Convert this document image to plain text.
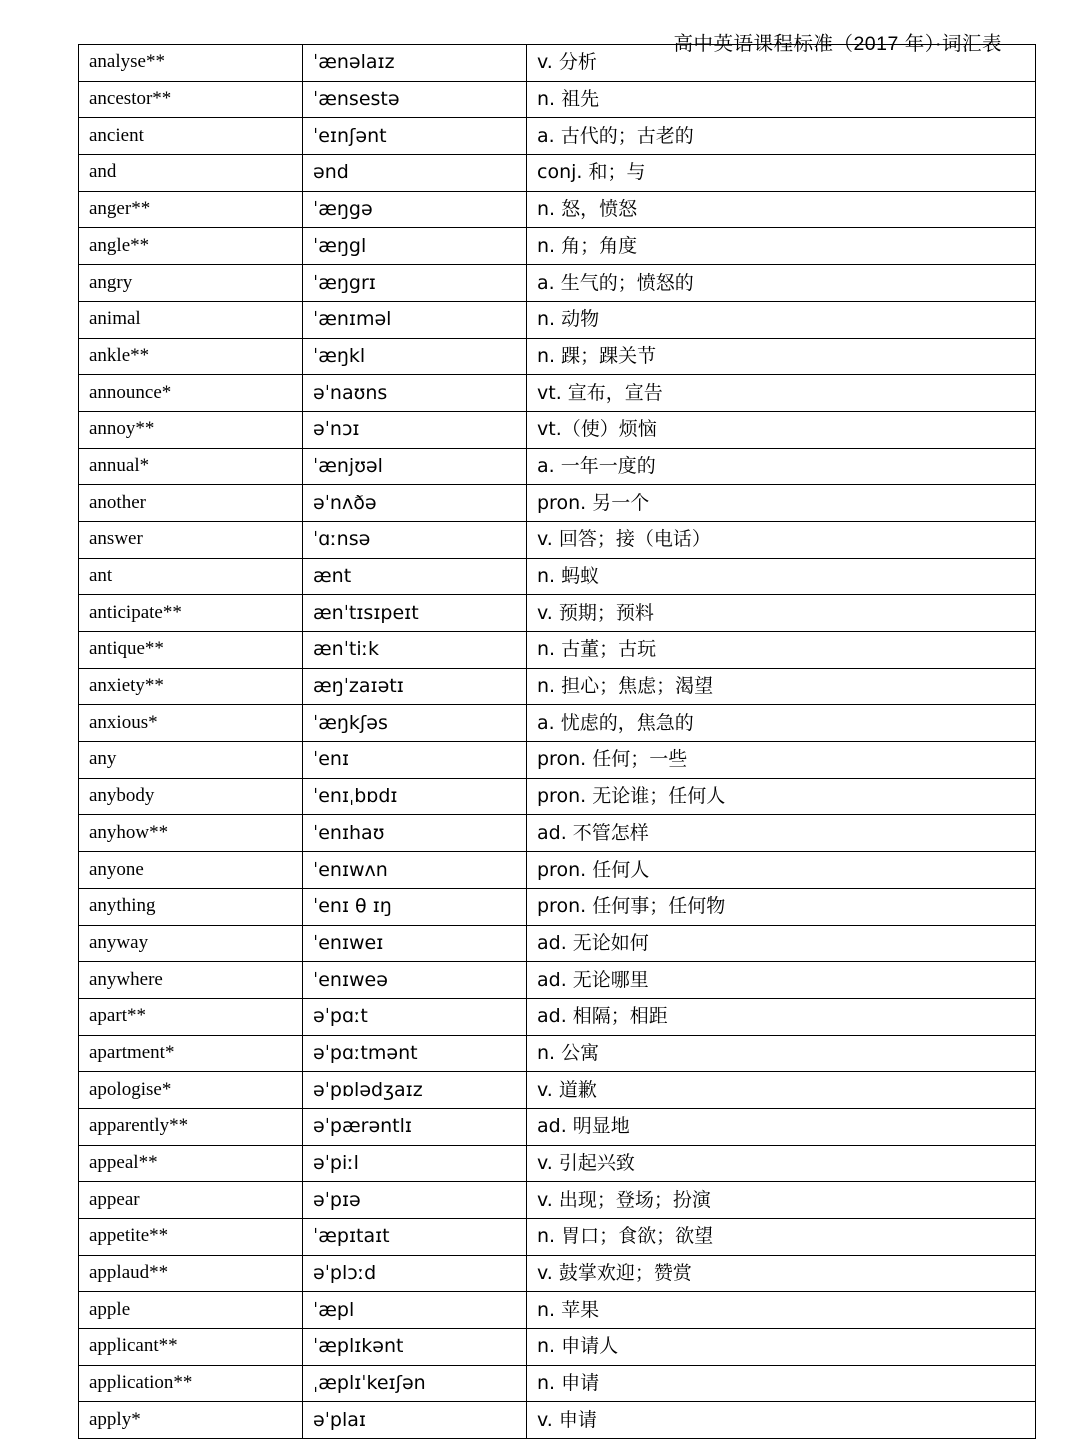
高中英语课程标准（2017 年）·词汇表
analyse**	ˈænəlaɪz	v. 分析
ancestor**	ˈænsestə	n. 祖先
ancient	ˈeɪnʃənt	a. 古代的；古老的
and	ənd	conj. 和；与
anger**	ˈæŋgə	n. 怒，愤怒
angle**	ˈæŋgl	n. 角；角度
angry	ˈæŋgrɪ	a. 生气的；愤怒的
animal	ˈænɪməl	n. 动物
ankle**	ˈæŋkl	n. 踝；踝关节
announce*	əˈnaʊns	vt. 宣布，宣告
annoy**	əˈnɔɪ	vt.（使）烦恼
annual*	ˈænjʊəl	a. 一年一度的
another	əˈnʌðə	pron. 另一个
answer	ˈɑːnsə	v. 回答；接（电话）
ant	ænt	n. 蚂蚁
anticipate**	ænˈtɪsɪpeɪt	v. 预期；预料
antique**	ænˈtiːk	n. 古董；古玩
anxiety**	æŋˈzaɪətɪ	n. 担心；焦虑；渴望
anxious*	ˈæŋkʃəs	a. 忧虑的，焦急的
any	ˈenɪ	pron. 任何；一些
anybody	ˈenɪˌbɒdɪ	pron. 无论谁；任何人
anyhow**	ˈenɪhaʊ	ad. 不管怎样
anyone	ˈenɪwʌn	pron. 任何人
anything	ˈenɪ θ ɪŋ	pron. 任何事；任何物
anyway	ˈenɪweɪ	ad. 无论如何
anywhere	ˈenɪweə	ad. 无论哪里
apart**	əˈpɑːt	ad. 相隔；相距
apartment*	əˈpɑːtmənt	n. 公寓
apologise*	əˈpɒlədʒaɪz	v. 道歉
apparently**	əˈpærəntlɪ	ad. 明显地
appeal**	əˈpiːl	v. 引起兴致
appear	əˈpɪə	v. 出现；登场；扮演
appetite**	ˈæpɪtaɪt	n. 胃口；食欲；欲望
applaud**	əˈplɔːd	v. 鼓掌欢迎；赞赏
apple	ˈæpl	n. 苹果
applicant**	ˈæplɪkənt	n. 申请人
application**	ˌæplɪˈkeɪʃən	n. 申请
apply*	əˈplaɪ	v. 申请
